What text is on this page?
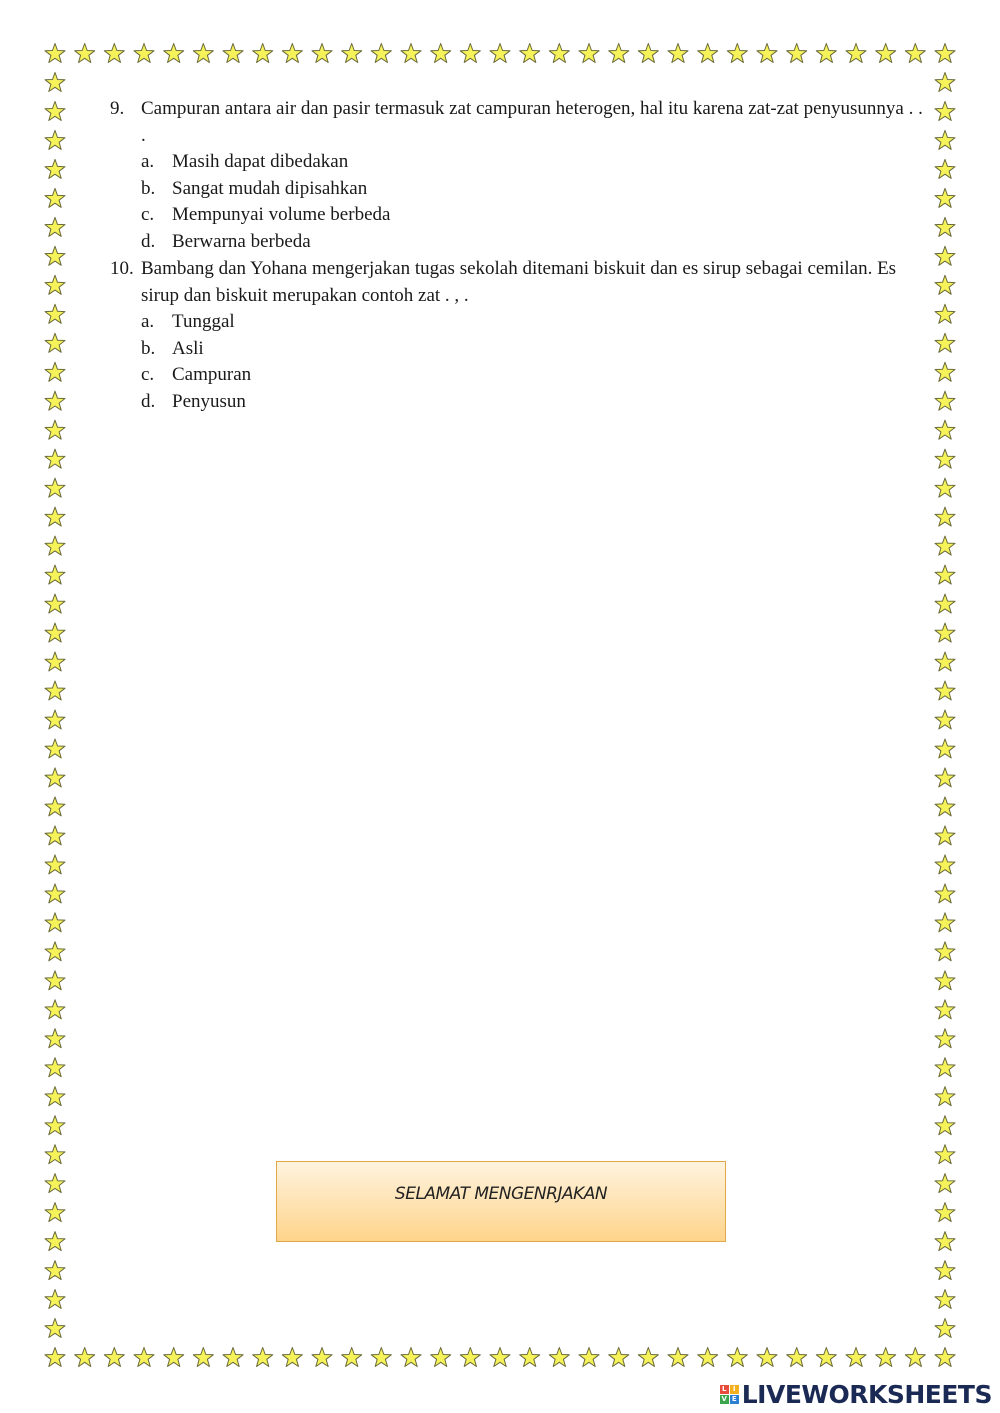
9. Campuran antara air dan pasir termasuk zat campuran heterogen, hal itu karena zat-zat penyusunnya . . .
a. Masih dapat dibedakan
b. Sangat mudah dipisahkan
c. Mempunyai volume berbeda
d. Berwarna berbeda
10. Bambang dan Yohana mengerjakan tugas sekolah ditemani biskuit dan es sirup sebagai cemilan. Es sirup dan biskuit merupakan contoh zat . , .
a. Tunggal
b. Asli
c. Campuran
d. Penyusun
SELAMAT MENGENRJAKAN
L I
V E LIVEWORKSHEETS
